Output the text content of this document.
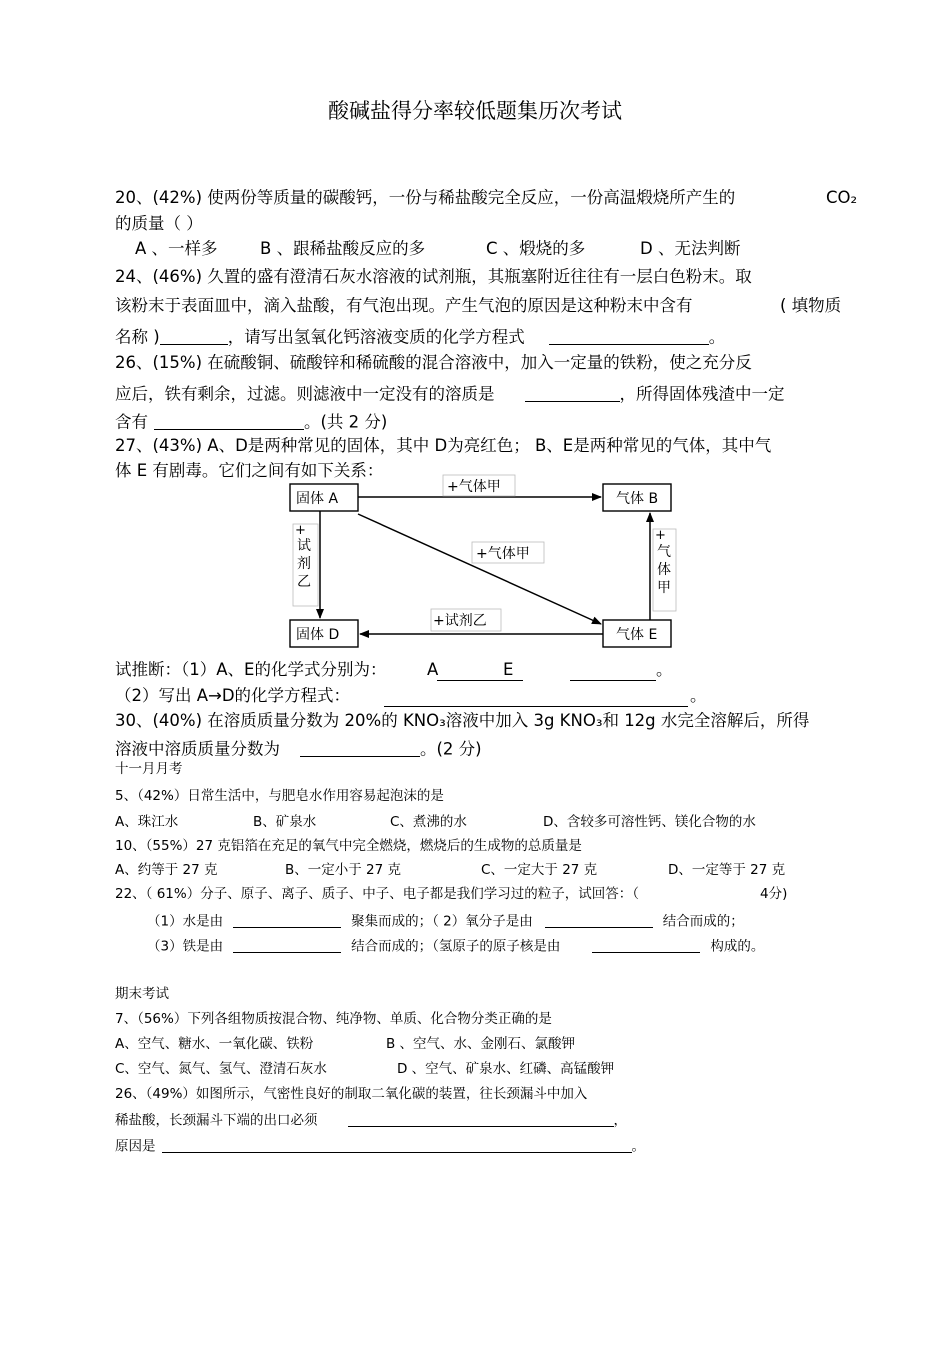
酸碱盐得分率较低题集历次考试
20、(42%) 使两份等质量的碳酸钙，一份与稀盐酸完全反应，一份高温煅烧所产生的	CO₂
的质量（ ）
A 、一样多	B 、跟稀盐酸反应的多	C 、煅烧的多	D 、无法判断
24、(46%) 久置的盛有澄清石灰水溶液的试剂瓶，其瓶塞附近往往有一层白色粉末。取
该粉末于表面皿中，滴入盐酸，有气泡出现。产生气泡的原因是这种粉末中含有	( 填物质
名称 )	，请写出氢氧化钙溶液变质的化学方程式	。
26、(15%) 在硫酸铜、硫酸锌和稀硫酸的混合溶液中，加入一定量的铁粉，使之充分反
应后，铁有剩余，过滤。则滤液中一定没有的溶质是	，所得固体残渣中一定
含有	。(共 2 分)
27、(43%) A、D是两种常见的固体，其中 D为亮红色； B、E是两种常见的气体，其中气
体 E 有剧毒。它们之间有如下关系：
固体 A	气体 B
固体 D	气体 E
+气体甲
+气体甲
+试剂乙
+
试
剂
乙
+
气
体
甲
试推断：（1）A、E的化学式分别为： A	E	。
（2）写出 A→D的化学方程式：	。
30、(40%) 在溶质质量分数为 20%的 KNO₃溶液中加入 3g KNO₃和 12g 水完全溶解后，所得
溶液中溶质质量分数为	。(2 分)
十一月月考
5、（42%）日常生活中，与肥皂水作用容易起泡沫的是
A、珠江水	B、矿泉水	C、煮沸的水	D、含较多可溶性钙、镁化合物的水
10、（55%）27 克铝箔在充足的氧气中完全燃烧，燃烧后的生成物的总质量是
A、约等于 27 克	B、一定小于 27 克	C、一定大于 27 克	D、一定等于 27 克
22、（ 61%）分子、原子、离子、质子、中子、电子都是我们学习过的粒子，试回答：（	4分)
（1）水是由	聚集而成的；（ 2）氧分子是由	结合而成的；
（3）铁是由	结合而成的；（氢原子的原子核是由	构成的。
期末考试
7、（56%）下列各组物质按混合物、纯净物、单质、化合物分类正确的是
A、空气、糖水、一氧化碳、铁粉	B 、空气、水、金刚石、氯酸钾
C、空气、氮气、氢气、澄清石灰水	D 、空气、矿泉水、红磷、高锰酸钾
26、（49%）如图所示，气密性良好的制取二氧化碳的装置，往长颈漏斗中加入
稀盐酸，长颈漏斗下端的出口必须	，
原因是	。
